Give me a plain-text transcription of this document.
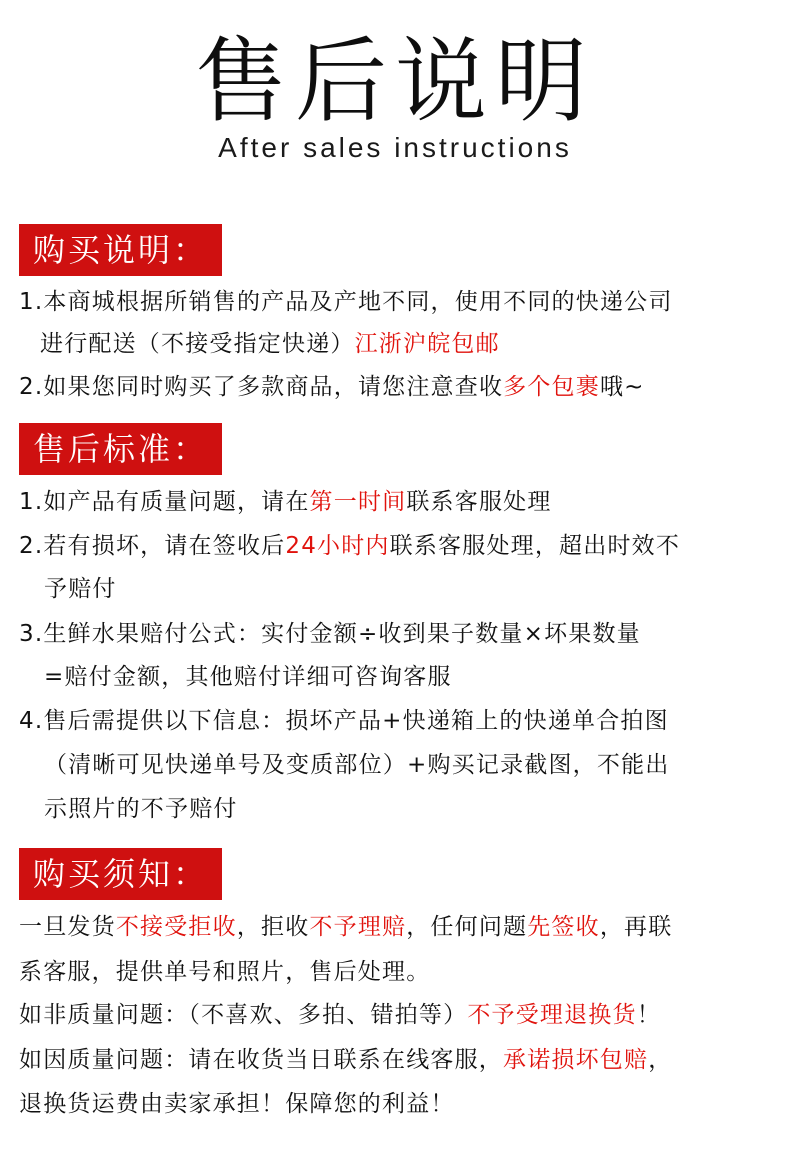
售后说明
After sales instructions
购买说明：
1.本商城根据所销售的产品及产地不同，使用不同的快递公司
进行配送（不接受指定快递）江浙沪皖包邮
2.如果您同时购买了多款商品，请您注意查收多个包裹哦~
售后标准：
1.如产品有质量问题，请在第一时间联系客服处理
2.若有损坏，请在签收后24小时内联系客服处理，超出时效不
予赔付
3.生鲜水果赔付公式：实付金额÷收到果子数量×坏果数量
=赔付金额，其他赔付详细可咨询客服
4.售后需提供以下信息：损坏产品+快递箱上的快递单合拍图
（清晰可见快递单号及变质部位）+购买记录截图，不能出
示照片的不予赔付
购买须知：
一旦发货不接受拒收，拒收不予理赔，任何问题先签收，再联
系客服，提供单号和照片，售后处理。
如非质量问题：（不喜欢、多拍、错拍等）不予受理退换货！
如因质量问题：请在收货当日联系在线客服，承诺损坏包赔，
退换货运费由卖家承担！保障您的利益！
